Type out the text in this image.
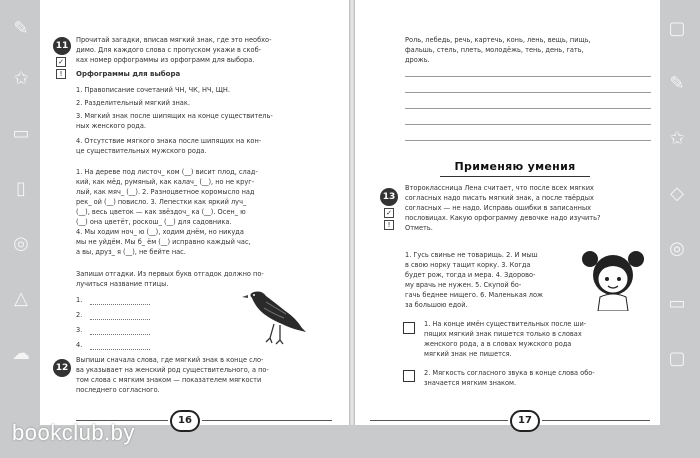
✎
✩
▭
▯
◎
△
☁
▢
✎
✩
◇
◎
▭
▢
11
✓
!
Прочитай загадки, вписав мягкий знак, где это необхо-
димо. Для каждого слова с пропуском укажи в скоб-
ках номер орфограммы из орфограмм для выбора.
Орфограммы для выбора
1. Правописание сочетаний ЧН, ЧК, НЧ, ЩН.
2. Разделительный мягкий знак.
3. Мягкий знак после шипящих на конце существитель-
ных женского рода.
4. Отсутствие мягкого знака после шипящих на кон-
це существительных мужского рода.
1. На дереве под листоч_ ком (__) висит плод, слад-
кий, как мёд, румяный, как калач_ (__), но не круг-
лый, как мяч_ (__). 2. Разноцветное коромысло над
рек_ ой (__) повисло. 3. Лепестки как яркий луч_
(__), весь цветок — как звёздоч_ ка (__). Осен_ ю
(__) она цветёт, роскош_ (__) для садовника.
4. Мы ходим ноч_ ю (__), ходим днём, но никуда
мы не уйдём. Мы б_ ём (__) исправно каждый час,
а вы, друз_ я (__), не бейте нас.
Запиши отгадки. Из первых букв отгадок должно по-
лучиться название птицы.
1.
2.
3.
4.
12
Выпиши сначала слова, где мягкий знак в конце сло-
ва указывает на женский род существительного, а по-
том слова с мягким знаком — показателем мягкости
последнего согласного.
16
Роль, лебедь, речь, картечь, конь, лень, вещь, пищь,
фальшь, стель, плеть, молодёжь, тень, день, гать,
дрожь.
Применяю умения
13
✓
!
Второклассница Лена считает, что после всех мягких
согласных надо писать мягкий знак, а после твёрдых
согласных — не надо. Исправь ошибки в записанных
пословицах. Какую орфограмму девочке надо изучить?
Отметь.
1. Гусь свинье не товарищь. 2. И мыш
в свою норку тащит корку. 3. Когда
будет рож, тогда и мера. 4. Здорово-
му врачь не нужен. 5. Скупой бо-
гачь беднее нищего. 6. Маленькая лож
за большою едой.
1. На конце имён существительных после ши-
пящих мягкий знак пишется только в словах
женского рода, а в словах мужского рода
мягкий знак не пишется.
2. Мягкость согласного звука в конце слова обо-
значается мягким знаком.
17
bookclub.by
